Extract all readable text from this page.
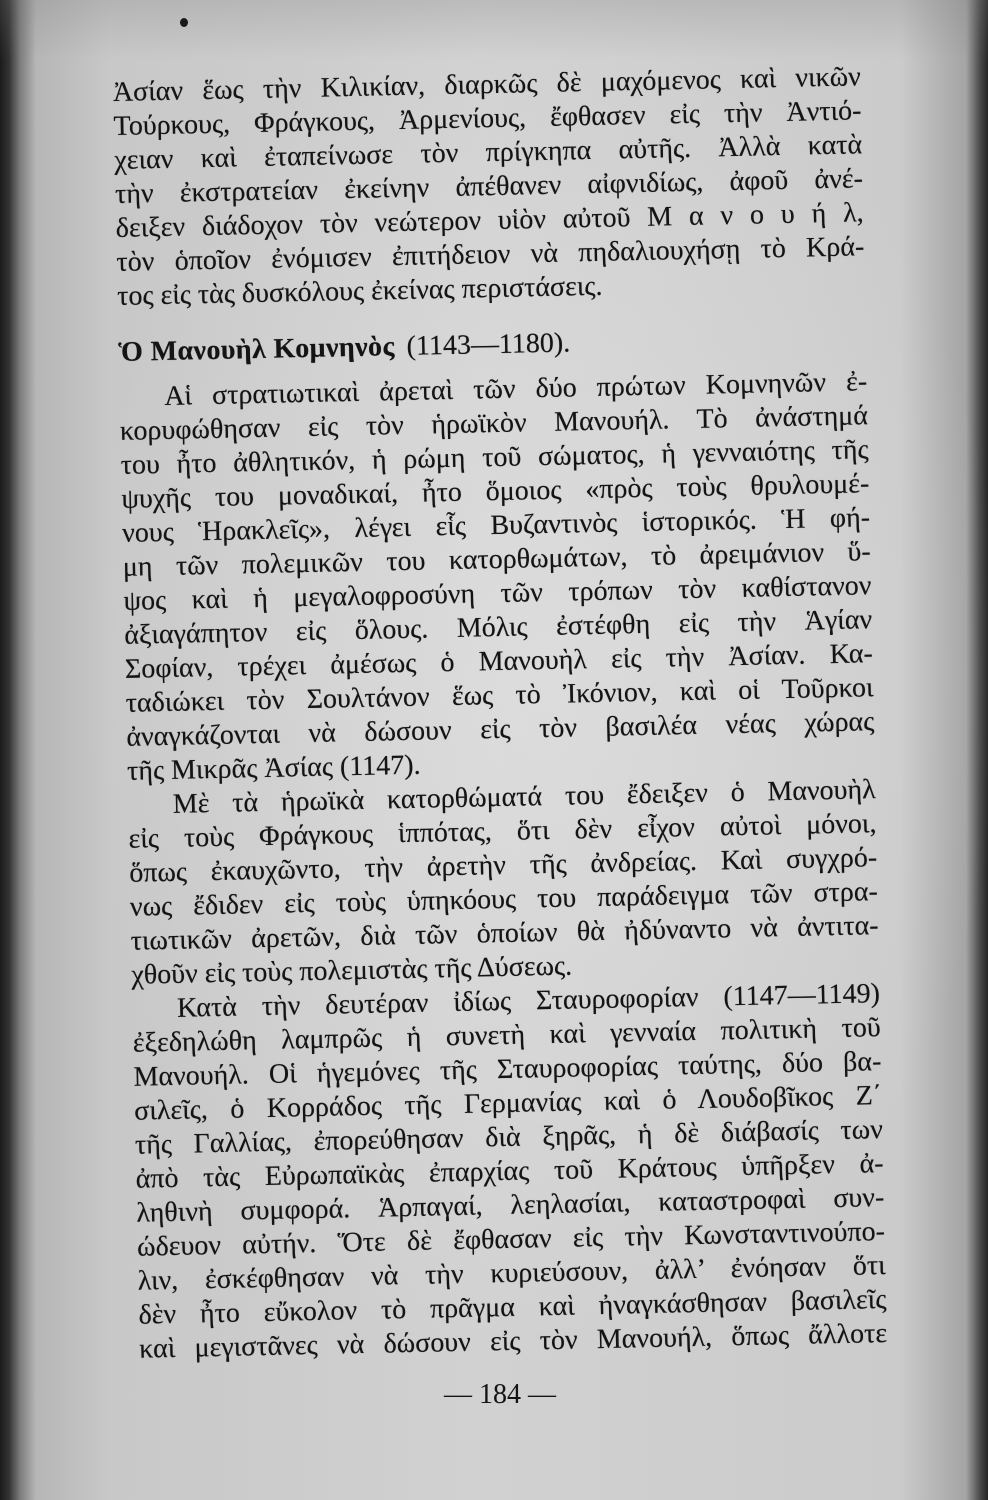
Ἀσίαν ἕως τὴν Κιλικίαν, διαρκῶς δὲ μαχόμενος καὶ νικῶν
Τούρκους, Φράγκους, Ἀρμενίους, ἔφθασεν εἰς τὴν Ἀντιό-
χειαν καὶ ἐταπείνωσε τὸν πρίγκηπα αὐτῆς. Ἀλλὰ κατὰ
τὴν ἐκστρατείαν ἐκείνην ἀπέθανεν αἰφνιδίως, ἀφοῦ ἀνέ-
δειξεν διάδοχον τὸν νεώτερον υἱὸν αὐτοῦ Μ α ν ο υ ή λ,
τὸν ὁποῖον ἐνόμισεν ἐπιτήδειον νὰ πηδαλιουχήσῃ τὸ Κρά-
τος εἰς τὰς δυσκόλους ἐκείνας περιστάσεις.
Ὁ Μανουὴλ Κομνηνὸς (1143—1180).
Αἱ στρατιωτικαὶ ἀρεταὶ τῶν δύο πρώτων Κομνηνῶν ἐ-
κορυφώθησαν εἰς τὸν ἡρωϊκὸν Μανουήλ. Τὸ ἀνάστημά
του ἦτο ἀθλητικόν, ἡ ρώμη τοῦ σώματος, ἡ γενναιότης τῆς
ψυχῆς του μοναδικαί, ἦτο ὅμοιος «πρὸς τοὺς θρυλουμέ-
νους Ἡρακλεῖς», λέγει εἷς Βυζαντινὸς ἱστορικός. Ἡ φή-
μη τῶν πολεμικῶν του κατορθωμάτων, τὸ ἀρειμάνιον ὕ-
ψος καὶ ἡ μεγαλοφροσύνη τῶν τρόπων τὸν καθίστανον
ἀξιαγάπητον εἰς ὅλους. Μόλις ἐστέφθη εἰς τὴν Ἁγίαν
Σοφίαν, τρέχει ἀμέσως ὁ Μανουὴλ εἰς τὴν Ἀσίαν. Κα-
ταδιώκει τὸν Σουλτάνον ἕως τὸ Ἰκόνιον, καὶ οἱ Τοῦρκοι
ἀναγκάζονται νὰ δώσουν εἰς τὸν βασιλέα νέας χώρας
τῆς Μικρᾶς Ἀσίας (1147).
Μὲ τὰ ἡρωϊκὰ κατορθώματά του ἔδειξεν ὁ Μανουὴλ
εἰς τοὺς Φράγκους ἱππότας, ὅτι δὲν εἶχον αὐτοὶ μόνοι,
ὅπως ἐκαυχῶντο, τὴν ἀρετὴν τῆς ἀνδρείας. Καὶ συγχρό-
νως ἔδιδεν εἰς τοὺς ὑπηκόους του παράδειγμα τῶν στρα-
τιωτικῶν ἀρετῶν, διὰ τῶν ὁποίων θὰ ἠδύναντο νὰ ἀντιτα-
χθοῦν εἰς τοὺς πολεμιστὰς τῆς Δύσεως.
Κατὰ τὴν δευτέραν ἰδίως Σταυροφορίαν (1147—1149)
ἐξεδηλώθη λαμπρῶς ἡ συνετὴ καὶ γενναία πολιτικὴ τοῦ
Μανουήλ. Οἱ ἡγεμόνες τῆς Σταυροφορίας ταύτης, δύο βα-
σιλεῖς, ὁ Κορράδος τῆς Γερμανίας καὶ ὁ Λουδοβῖκος Ζ΄
τῆς Γαλλίας, ἐπορεύθησαν διὰ ξηρᾶς, ἡ δὲ διάβασίς των
ἀπὸ τὰς Εὐρωπαϊκὰς ἐπαρχίας τοῦ Κράτους ὑπῆρξεν ἀ-
ληθινὴ συμφορά. Ἁρπαγαί, λεηλασίαι, καταστροφαὶ συν-
ώδευον αὐτήν. Ὅτε δὲ ἔφθασαν εἰς τὴν Κωνσταντινούπο-
λιν, ἐσκέφθησαν νὰ τὴν κυριεύσουν, ἀλλ’ ἐνόησαν ὅτι
δὲν ἦτο εὔκολον τὸ πρᾶγμα καὶ ἠναγκάσθησαν βασιλεῖς
καὶ μεγιστᾶνες νὰ δώσουν εἰς τὸν Μανουήλ, ὅπως ἄλλοτε
— 184 —
